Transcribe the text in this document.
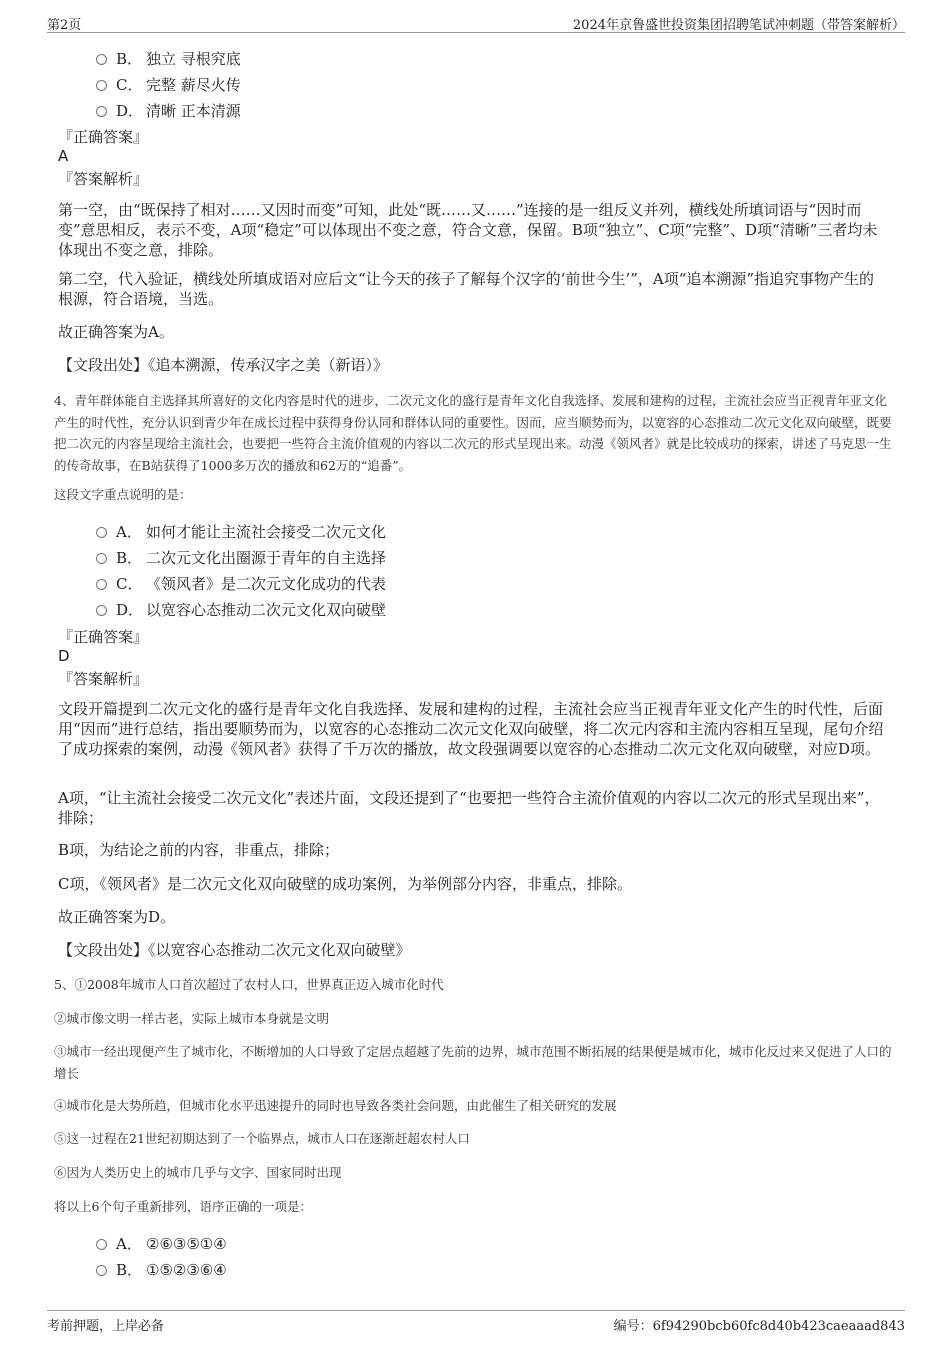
第2页	2024年京鲁盛世投资集团招聘笔试冲刺题（带答案解析）
B． 独立 寻根究底
C． 完整 薪尽火传
D． 清晰 正本清源
『正确答案』
A
『答案解析』
第一空，由“既保持了相对……又因时而变”可知，此处“既……又……”连接的是一组反义并列，横线处所填词语与“因时而变”意思相反，表示不变，A项“稳定”可以体现出不变之意，符合文意，保留。B项“独立”、C项“完整”、D项“清晰”三者均未体现出不变之意，排除。
第二空，代入验证，横线处所填成语对应后文“让今天的孩子了解每个汉字的‘前世今生’”，A项“追本溯源”指追究事物产生的根源，符合语境，当选。
故正确答案为A。
【文段出处】《追本溯源，传承汉字之美（新语）》
4、青年群体能自主选择其所喜好的文化内容是时代的进步，二次元文化的盛行是青年文化自我选择、发展和建构的过程，主流社会应当正视青年亚文化产生的时代性，充分认识到青少年在成长过程中获得身份认同和群体认同的重要性。因而，应当顺势而为，以宽容的心态推动二次元文化双向破壁，既要把二次元的内容呈现给主流社会，也要把一些符合主流价值观的内容以二次元的形式呈现出来。动漫《领风者》就是比较成功的探索，讲述了马克思一生的传奇故事，在B站获得了1000多万次的播放和62万的“追番”。
这段文字重点说明的是：
A． 如何才能让主流社会接受二次元文化
B． 二次元文化出圈源于青年的自主选择
C． 《领风者》是二次元文化成功的代表
D． 以宽容心态推动二次元文化双向破壁
『正确答案』
D
『答案解析』
文段开篇提到二次元文化的盛行是青年文化自我选择、发展和建构的过程，主流社会应当正视青年亚文化产生的时代性，后面用“因而”进行总结，指出要顺势而为，以宽容的心态推动二次元文化双向破壁，将二次元内容和主流内容相互呈现，尾句介绍了成功探索的案例，动漫《领风者》获得了千万次的播放，故文段强调要以宽容的心态推动二次元文化双向破壁，对应D项。
A项，“让主流社会接受二次元文化”表述片面，文段还提到了“也要把一些符合主流价值观的内容以二次元的形式呈现出来”，排除；
B项，为结论之前的内容，非重点，排除；
C项，《领风者》是二次元文化双向破壁的成功案例，为举例部分内容，非重点，排除。
故正确答案为D。
【文段出处】《以宽容心态推动二次元文化双向破壁》
5、①2008年城市人口首次超过了农村人口，世界真正迈入城市化时代
②城市像文明一样古老，实际上城市本身就是文明
③城市一经出现便产生了城市化，不断增加的人口导致了定居点超越了先前的边界，城市范围不断拓展的结果便是城市化，城市化反过来又促进了人口的增长
④城市化是大势所趋，但城市化水平迅速提升的同时也导致各类社会问题，由此催生了相关研究的发展
⑤这一过程在21世纪初期达到了一个临界点，城市人口在逐渐赶超农村人口
⑥因为人类历史上的城市几乎与文字、国家同时出现
将以上6个句子重新排列，语序正确的一项是：
A． ②⑥③⑤①④
B． ①⑤②③⑥④
考前押题，上岸必备	编号：6f94290bcb60fc8d40b423caeaaad843
